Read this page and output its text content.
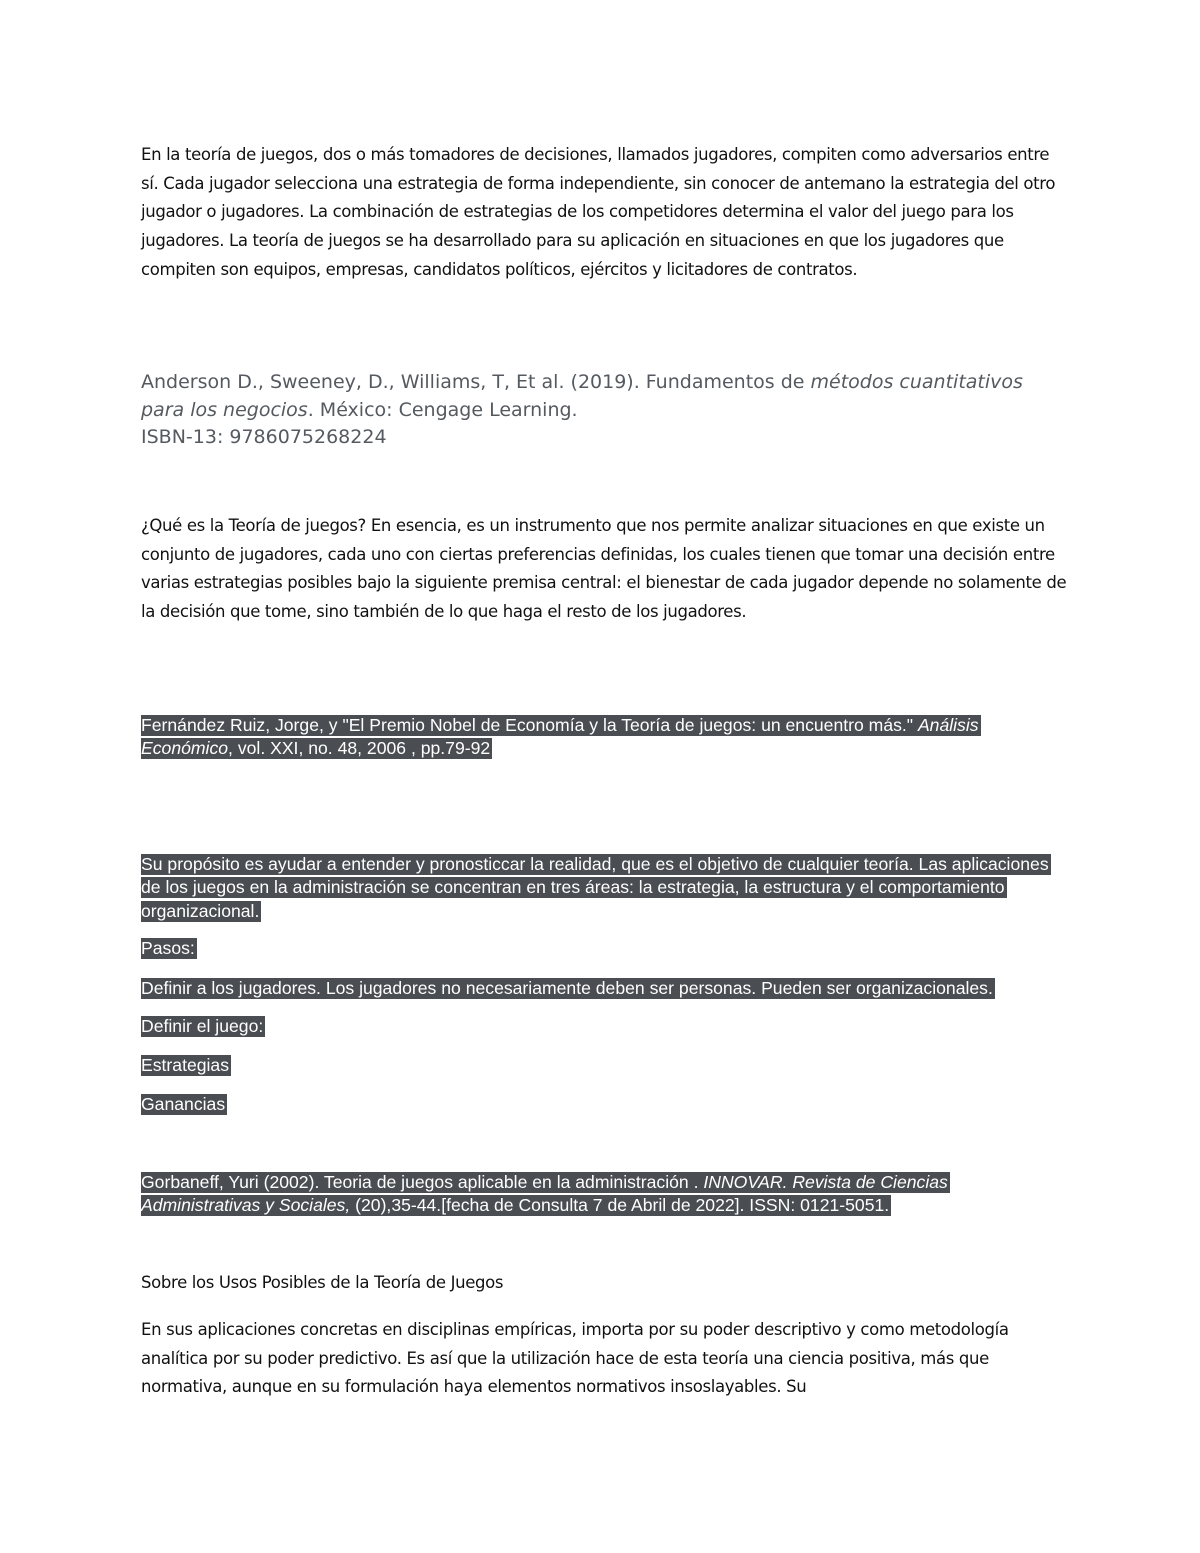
En la teoría de juegos, dos o más tomadores de decisiones, llamados jugadores, compiten como adversarios entre sí. Cada jugador selecciona una estrategia de forma independiente, sin conocer de antemano la estrategia del otro jugador o jugadores. La combinación de estrategias de los competidores determina el valor del juego para los jugadores. La teoría de juegos se ha desarrollado para su aplicación en situaciones en que los jugadores que compiten son equipos, empresas, candidatos políticos, ejércitos y licitadores de contratos.

Anderson D., Sweeney, D., Williams, T, Et al. (2019). Fundamentos de métodos cuantitativos para los negocios. México: Cengage Learning.
ISBN-13: 9786075268224

¿Qué es la Teoría de juegos? En esencia, es un instrumento que nos permite analizar situaciones en que existe un conjunto de jugadores, cada uno con ciertas preferencias definidas, los cuales tienen que tomar una decisión entre varias estrategias posibles bajo la siguiente premisa central: el bienestar de cada jugador depende no solamente de la decisión que tome, sino también de lo que haga el resto de los jugadores.

Fernández Ruiz, Jorge, y "El Premio Nobel de Economía y la Teoría de juegos: un encuentro más." Análisis Económico, vol. XXI, no. 48, 2006 , pp.79-92
Su propósito es ayudar a entender y pronosticcar la realidad, que es el objetivo de cualquier teoría. Las aplicaciones de los juegos en la administración se concentran en tres áreas: la estrategia, la estructura y el comportamiento organizacional.
Pasos:
Definir a los jugadores. Los jugadores no necesariamente deben ser personas. Pueden ser organizacionales.
Definir el juego:
Estrategias
Ganancias
Gorbaneff, Yuri (2002). Teoria de juegos aplicable en la administración . INNOVAR. Revista de Ciencias Administrativas y Sociales, (20),35-44.[fecha de Consulta 7 de Abril de 2022]. ISSN: 0121-5051.
Sobre los Usos Posibles de la Teoría de Juegos

En sus aplicaciones concretas en disciplinas empíricas, importa por su poder descriptivo y como metodología analítica por su poder predictivo. Es así que la utilización hace de esta teoría una ciencia positiva, más que normativa, aunque en su formulación haya elementos normativos insoslayables. Su
